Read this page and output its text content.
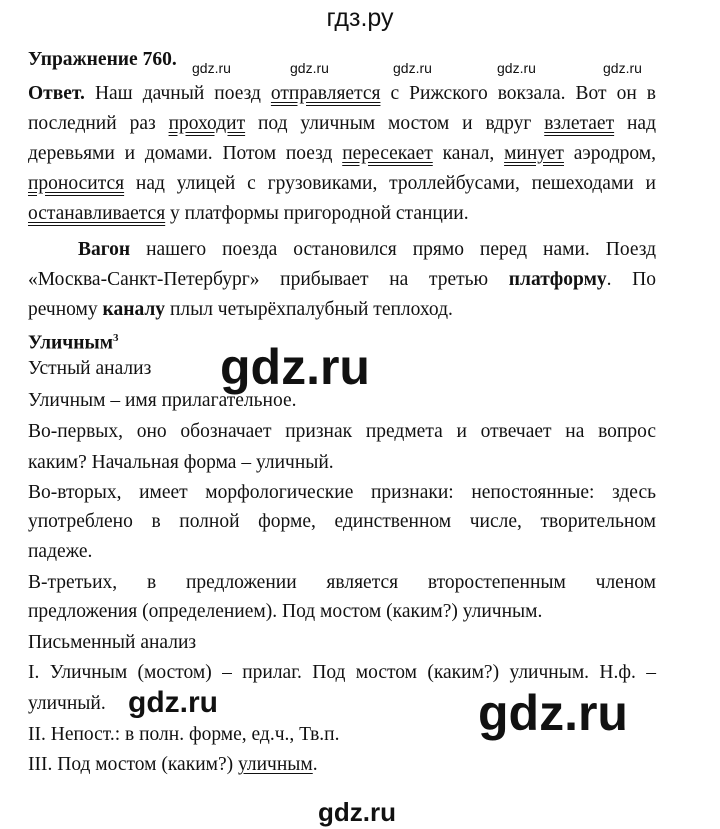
гдз.ру
gdz.ru	gdz.ru	gdz.ru	gdz.ru	gdz.ru
gdz.ru
gdz.ru	gdz.ru
gdz.ru
Упражнение 760.
Ответ. Наш дачный поезд отправляется с Рижского вокзала. Вот он в
последний раз проходит под уличным мостом и вдруг взлетает над
деревьями и домами. Потом поезд пересекает канал, минует аэродром,
проносится над улицей с грузовиками, троллейбусами, пешеходами и
останавливается у платформы пригородной станции.
Вагон нашего поезда остановился прямо перед нами. Поезд
«Москва-Санкт-Петербург» прибывает на третью платформу. По
речному каналу плыл четырёхпалубный теплоход.
Уличным$^3$
Устный анализ
Уличным – имя прилагательное.
Во-первых, оно обозначает признак предмета и отвечает на вопрос
каким? Начальная форма – уличный.
Во-вторых, имеет морфологические признаки: непостоянные: здесь
употреблено в полной форме, единственном числе, творительном
падеже.
В-третьих, в предложении является второстепенным членом
предложения (определением). Под мостом (каким?) уличным.
Письменный анализ
I. Уличным (мостом) – прилаг. Под мостом (каким?) уличным. Н.ф. –
уличный.
II. Непост.: в полн. форме, ед.ч., Тв.п.
III. Под мостом (каким?) уличным.
